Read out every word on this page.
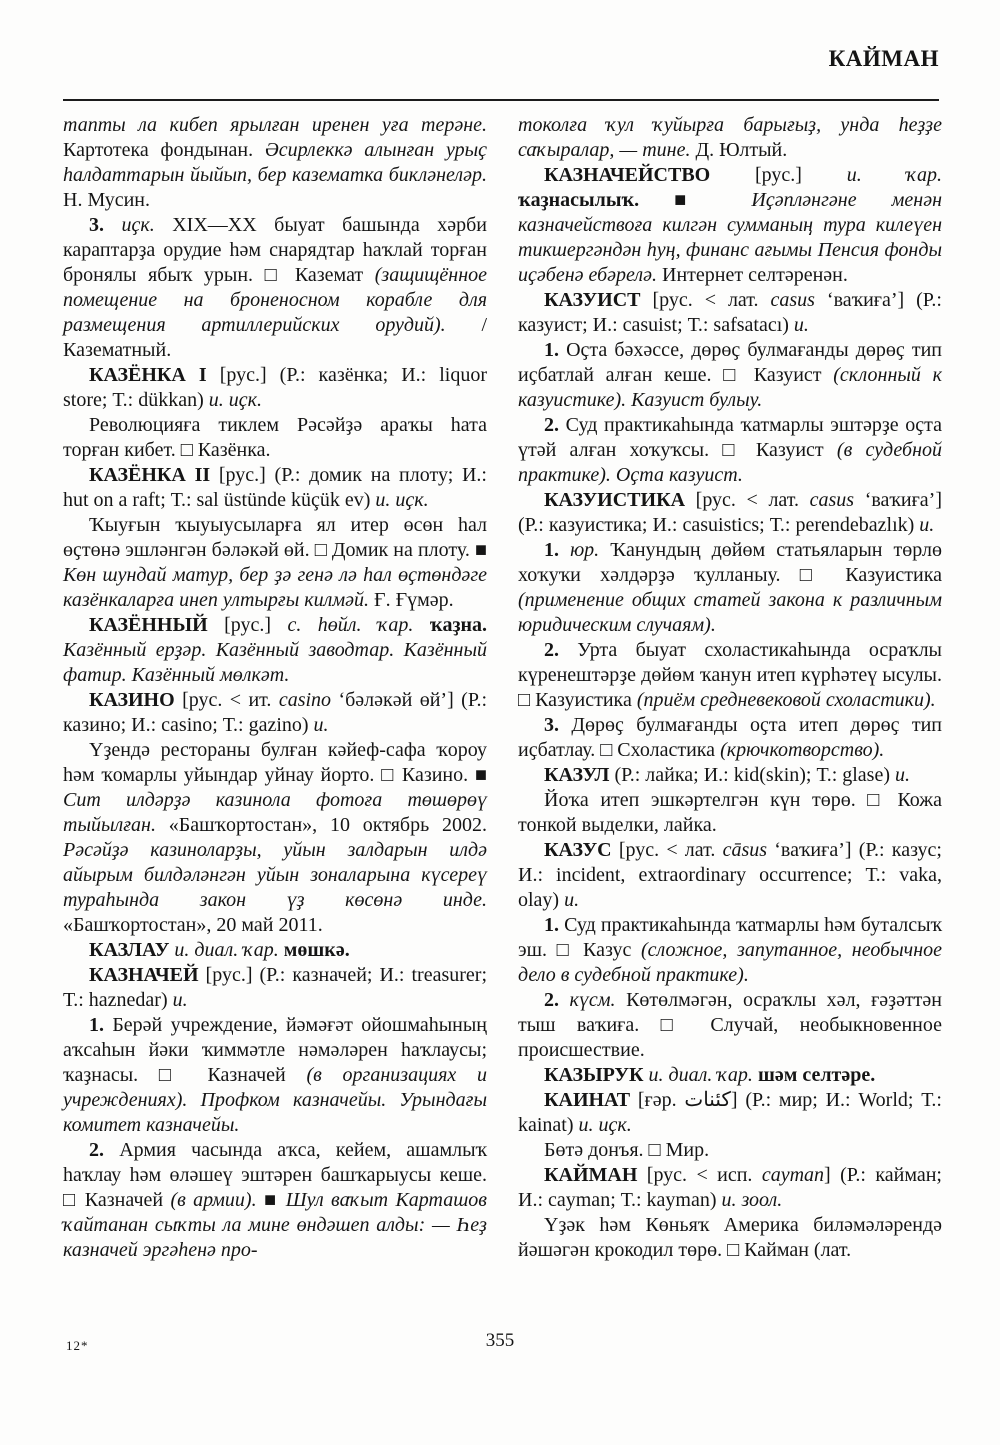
КАЙМАН

тапты ла кибеп ярылған иренен уға терәне. Картотека фондынан. Әсирлеккә алынған урыҫ һалдаттарын йыйып, бер казематка бикләнеләр. Н. Мусин.

3. иҫк. XIX—XX быуат башында хәрби караптарҙа орудие һәм снарядтар һаҡлай торған бронялы ябыҡ урын. □ Каземат (защищённое помещение на броненосном корабле для размещения артиллерийских орудий). / Казематный.

КАЗЁНКА I [рус.] (Р.: казёнка; И.: liquor store; Т.: dükkan) и. иҫк.

Революцияға тиклем Рәсәйҙә араҡы һата торған кибет. □ Казёнка.

КАЗЁНКА II [рус.] (Р.: домик на плоту; И.: hut on a raft; Т.: sal üstünde küçük ev) и. иҫк.

Ҡыуғын ҡыуыусыларға ял итер өсөн һал өҫтөнә эшләнгән бәләкәй өй. □ Домик на плоту. ■ Көн шундай матур, бер ҙә генә лә һал өҫтөндәге казёнкаларға инеп ултырғы килмәй. Ғ. Ғүмәр.

КАЗЁННЫЙ [рус.] с. һөйл. ҡар. ҡаҙна. Казённый ерҙәр. Казённый заводтар. Казённый фатир. Казённый мөлкәт.

КАЗИНО [рус. < ит. casino ‘бәләкәй өй’] (Р.: казино; И.: casino; Т.: gazino) и.

Үҙендә рестораны булған кәйеф-сафа ҡороу һәм ҡомарлы уйындар уйнау йорто. □ Казино. ■ Сит илдәрҙә казинола фотоға төшөрөү тыйылған. «Башҡортостан», 10 октябрь 2002. Рәсәйҙә казиноларҙы, уйын залдарын илдә айырым билдәләнгән уйын зоналарына күсереү тураһында закон үҙ көсөнә инде. «Башҡортостан», 20 май 2011.

КАЗЛАУ и. диал. ҡар. мөшкә.

КАЗНАЧЕЙ [рус.] (Р.: казначей; И.: treasurer; Т.: haznedar) и.

1. Берәй учреждение, йәмәғәт ойошмаһының аҡсаһын йәки ҡиммәтле нәмәләрен һаҡлаусы; ҡаҙнасы. □ Казначей (в организациях и учреждениях). Профком казначейы. Урындағы комитет казначейы.

2. Армия часында аҡса, кейем, ашамлыҡ һаҡлау һәм өләшеү эштәрен башҡарыусы кеше. □ Казначей (в армии). ■ Шул ваҡыт Карташов ҡайтанан сыҡты ла мине өндәшеп алды: — Һеҙ казначей эргәһенә про-

токолға ҡул ҡуйырға барығыҙ, унда һеҙҙе саҡыралар, — тине. Д. Юлтый.

КАЗНАЧЕЙСТВО [рус.] и. ҡар. ҡаҙнасылыҡ. ■ Иҫәпләнгәне менән казначействоға килгән сумманың тура килеүен тикшергәндән һуң, финанс ағымы Пенсия фонды иҫәбенә ебәрелә. Интернет селтәренән.

КАЗУИСТ [рус. < лат. casus ‘ваҡиға’] (Р.: казуист; И.: casuist; Т.: safsatacı) и.

1. Оҫта бәхәссе, дөрөҫ булмағанды дөрөҫ тип иҫбатлай алған кеше. □ Казуист (склонный к казуистике). Казуист булыу.

2. Суд практикаһында ҡатмарлы эштәрҙе оҫта үтәй алған хоҡуҡсы. □ Казуист (в судебной практике). Оҫта казуист.

КАЗУИСТИКА [рус. < лат. casus ‘ваҡиға’] (Р.: казуистика; И.: casuistics; Т.: perendebazlık) и.

1. юр. Ҡанундың дөйөм статьяларын төрлө хоҡуҡи хәлдәрҙә ҡулланыу. □ Казуистика (применение общих статей закона к различным юридическим случаям).

2. Урта быуат схоластикаһында осраҡлы күренештәрҙе дөйөм ҡанун итеп күрһәтеү ысулы. □ Казуистика (приём средневековой схоластики).

3. Дөрөҫ булмағанды оҫта итеп дөрөҫ тип иҫбатлау. □ Схоластика (крючкотворство).

КАЗУЛ (Р.: лайка; И.: kid(skin); Т.: glase) и.

Йоҡа итеп эшкәртелгән күн төрө. □ Кожа тонкой выделки, лайка.

КАЗУС [рус. < лат. cāsus ‘ваҡиға’] (Р.: казус; И.: incident, extraordinary occurrence; Т.: vaka, olay) и.

1. Суд практикаһында ҡатмарлы һәм буталсыҡ эш. □ Казус (сложное, запутанное, необычное дело в судебной практике).

2. күсм. Көтөлмәгән, осраҡлы хәл, ғәҙәттән тыш ваҡиға. □ Случай, необыкновенное происшествие.

КАЗЫРУК и. диал. ҡар. шәм селтәре.

КАИНАТ [ғәр. كئنات] (Р.: мир; И.: World; Т.: kainat) и. иҫк.

Бөтә донъя. □ Мир.

КАЙМАН [рус. < исп. cayman] (Р.: кайман; И.: cayman; Т.: kayman) и. зоол.

Үҙәк һәм Көньяҡ Америка биләмәләрендә йәшәгән крокодил төрө. □ Кайман (лат.

12*	355
